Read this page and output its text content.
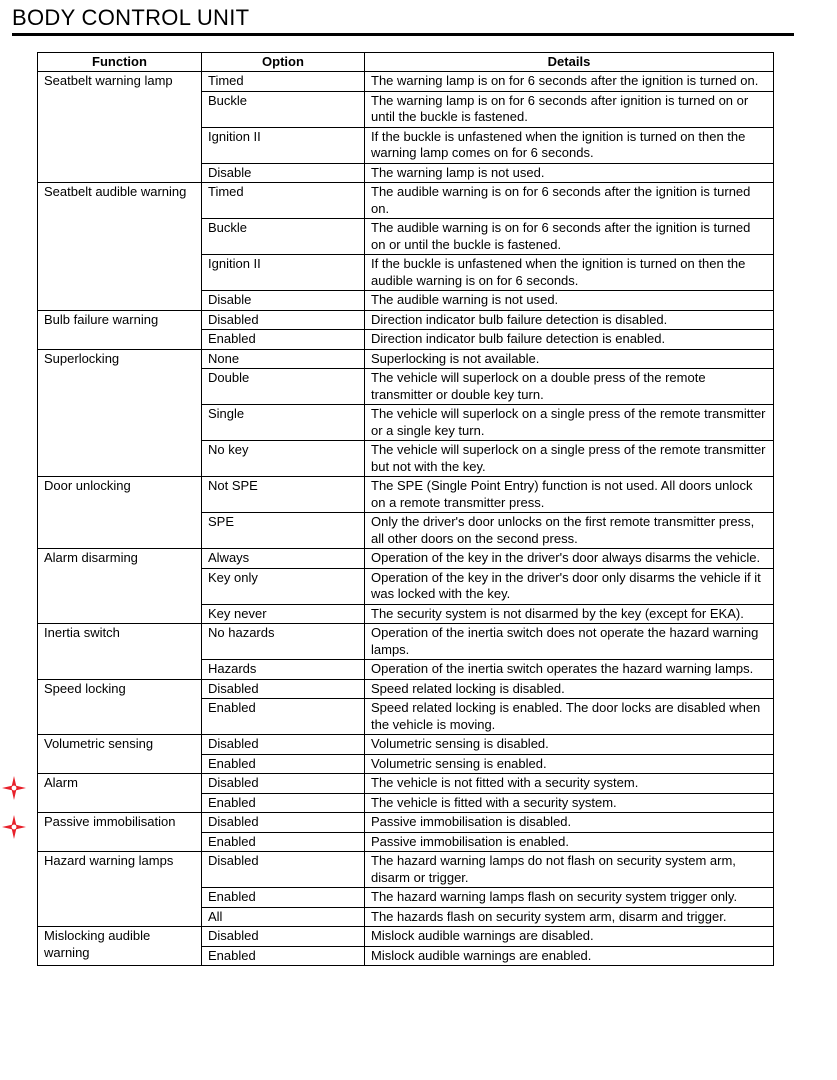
BODY CONTROL UNIT
Function	Option	Details
Seatbelt warning lamp	Timed	The warning lamp is on for 6 seconds after the ignition is turned on.
	Buckle	The warning lamp is on for 6 seconds after ignition is turned on or until the buckle is fastened.
	Ignition II	If the buckle is unfastened when the ignition is turned on then the warning lamp comes on for 6 seconds.
	Disable	The warning lamp is not used.
Seatbelt audible warning	Timed	The audible warning is on for 6 seconds after the ignition is turned on.
	Buckle	The audible warning is on for 6 seconds after the ignition is turned on or until the buckle is fastened.
	Ignition II	If the buckle is unfastened when the ignition is turned on then the audible warning is on for 6 seconds.
	Disable	The audible warning is not used.
Bulb failure warning	Disabled	Direction indicator bulb failure detection is disabled.
	Enabled	Direction indicator bulb failure detection is enabled.
Superlocking	None	Superlocking is not available.
	Double	The vehicle will superlock on a double press of the remote transmitter or double key turn.
	Single	The vehicle will superlock on a single press of the remote transmitter or a single key turn.
	No key	The vehicle will superlock on a single press of the remote transmitter but not with the key.
Door unlocking	Not SPE	The SPE (Single Point Entry) function is not used. All doors unlock on a remote transmitter press.
	SPE	Only the driver's door unlocks on the first remote transmitter press, all other doors on the second press.
Alarm disarming	Always	Operation of the key in the driver's door always disarms the vehicle.
	Key only	Operation of the key in the driver's door only disarms the vehicle if it was locked with the key.
	Key never	The security system is not disarmed by the key (except for EKA).
Inertia switch	No hazards	Operation of the inertia switch does not operate the hazard warning lamps.
	Hazards	Operation of the inertia switch operates the hazard warning lamps.
Speed locking	Disabled	Speed related locking is disabled.
	Enabled	Speed related locking is enabled. The door locks are disabled when the vehicle is moving.
Volumetric sensing	Disabled	Volumetric sensing is disabled.
	Enabled	Volumetric sensing is enabled.
Alarm	Disabled	The vehicle is not fitted with a security system.
	Enabled	The vehicle is fitted with a security system.
Passive immobilisation	Disabled	Passive immobilisation is disabled.
	Enabled	Passive immobilisation is enabled.
Hazard warning lamps	Disabled	The hazard warning lamps do not flash on security system arm, disarm or trigger.
	Enabled	The hazard warning lamps flash on security system trigger only.
	All	The hazards flash on security system arm, disarm and trigger.
Mislocking audible warning	Disabled	Mislock audible warnings are disabled.
	Enabled	Mislock audible warnings are enabled.
